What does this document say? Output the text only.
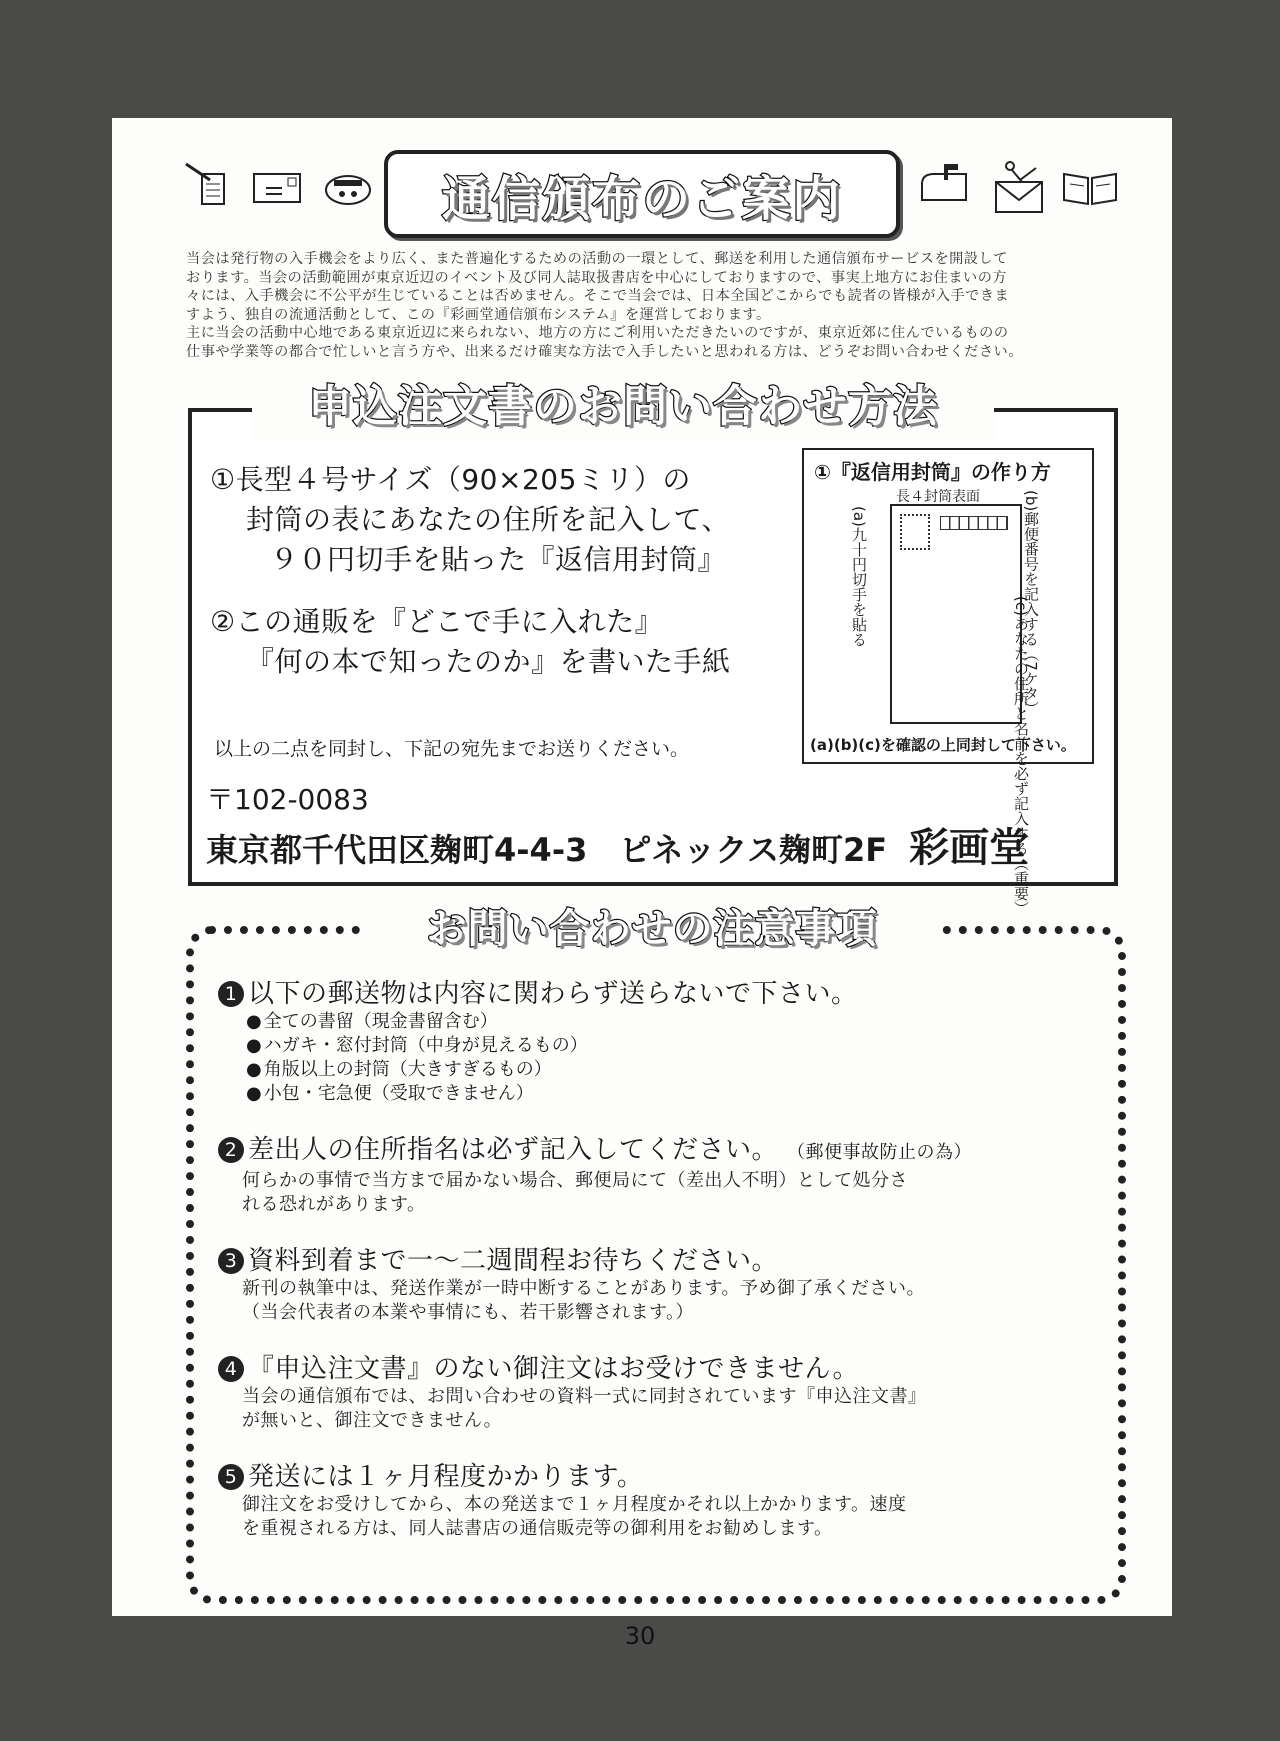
通信頒布のご案内

当会は発行物の入手機会をより広く、また普遍化するための活動の一環として、郵送を利用した通信頒布サービスを開設して

おります。当会の活動範囲が東京近辺のイベント及び同人誌取扱書店を中心にしておりますので、事実上地方にお住まいの方

々には、入手機会に不公平が生じていることは否めません。そこで当会では、日本全国どこからでも読者の皆様が入手できま

すよう、独自の流通活動として、この『彩画堂通信頒布システム』を運営しております。

主に当会の活動中心地である東京近辺に来られない、地方の方にご利用いただきたいのですが、東京近郊に住んでいるものの

仕事や学業等の都合で忙しいと言う方や、出来るだけ確実な方法で入手したいと思われる方は、どうぞお問い合わせください。

申込注文書のお問い合わせ方法
①長型４号サイズ（90×205ミリ）の
封筒の表にあなたの住所を記入して、
９０円切手を貼った『返信用封筒』
②この通販を『どこで手に入れた』
『何の本で知ったのか』を書いた手紙
以上の二点を同封し、下記の宛先までお送りください。
〒102-0083
東京都千代田区麹町4-4-3　ピネックス麹町2F 彩画堂
①『返信用封筒』の作り方
長４封筒表面
(c)あなたの住所と名前を必ず記入する（重要）
(a)九十円切手を貼る	(b)郵便番号を記入する（7ケタ）
(a)(b)(c)を確認の上同封して下さい。
お問い合わせの注意事項
1 以下の郵送物は内容に関わらず送らないで下さい。
● 全ての書留（現金書留含む）
● ハガキ・窓付封筒（中身が見えるもの）
● 角版以上の封筒（大きすぎるもの）
● 小包・宅急便（受取できません）
2 差出人の住所指名は必ず記入してください。 （郵便事故防止の為）
何らかの事情で当方まで届かない場合、郵便局にて（差出人不明）として処分さ
れる恐れがあります。
3 資料到着まで一～二週間程お待ちください。
新刊の執筆中は、発送作業が一時中断することがあります。予め御了承ください。
（当会代表者の本業や事情にも、若干影響されます。）
4 『申込注文書』のない御注文はお受けできません。
当会の通信頒布では、お問い合わせの資料一式に同封されています『申込注文書』
が無いと、御注文できません。
5 発送には１ヶ月程度かかります。
御注文をお受けしてから、本の発送まで１ヶ月程度かそれ以上かかります。速度
を重視される方は、同人誌書店の通信販売等の御利用をお勧めします。
30
